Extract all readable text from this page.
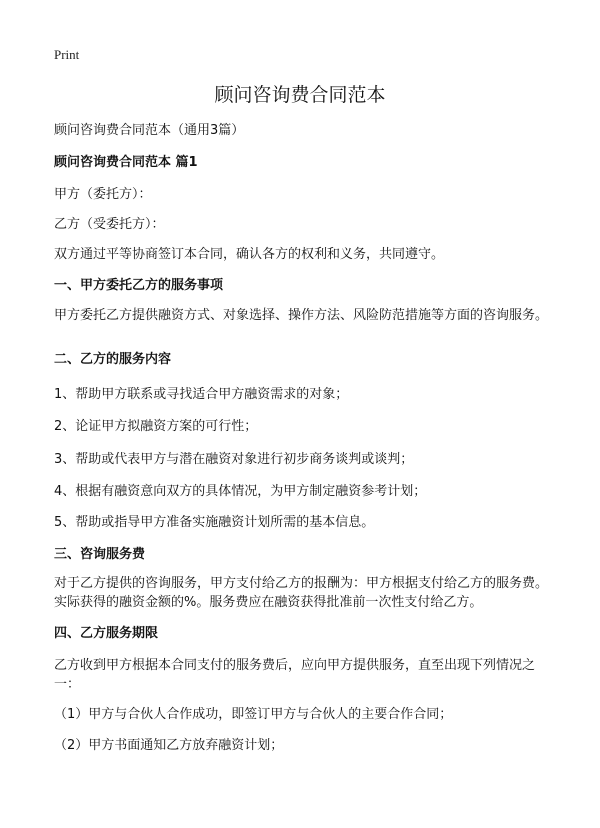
Print
顾问咨询费合同范本

顾问咨询费合同范本（通用3篇）

顾问咨询费合同范本 篇1

甲方（委托方）：

乙方（受委托方）：

双方通过平等协商签订本合同，确认各方的权利和义务，共同遵守。

一、甲方委托乙方的服务事项

甲方委托乙方提供融资方式、对象选择、操作方法、风险防范措施等方面的咨询服务。

二、乙方的服务内容

1、帮助甲方联系或寻找适合甲方融资需求的对象；

2、论证甲方拟融资方案的可行性；

3、帮助或代表甲方与潜在融资对象进行初步商务谈判或谈判；

4、根据有融资意向双方的具体情况，为甲方制定融资参考计划；

5、帮助或指导甲方准备实施融资计划所需的基本信息。

三、咨询服务费

对于乙方提供的咨询服务，甲方支付给乙方的报酬为：甲方根据支付给乙方的服务费。实际获得的融资金额的%。服务费应在融资获得批准前一次性支付给乙方。

四、乙方服务期限

乙方收到甲方根据本合同支付的服务费后，应向甲方提供服务，直至出现下列情况之一：

（1）甲方与合伙人合作成功，即签订甲方与合伙人的主要合作合同；

（2）甲方书面通知乙方放弃融资计划；
